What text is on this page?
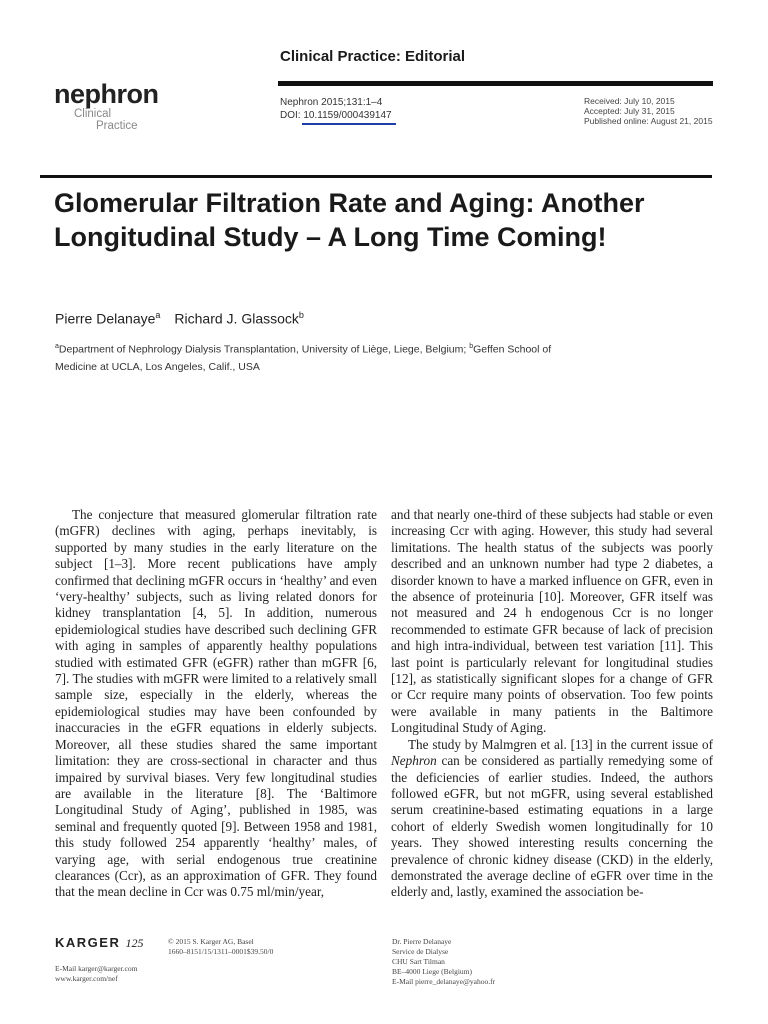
Clinical Practice: Editorial
nephron
Clinical
Practice
Nephron 2015;131:1–4
DOI: 10.1159/000439147
Received: July 10, 2015
Accepted: July 31, 2015
Published online: August 21, 2015
Glomerular Filtration Rate and Aging: Another Longitudinal Study – A Long Time Coming!
Pierre Delanaye$^a$ Richard J. Glassock$^b$
$^a$Department of Nephrology Dialysis Transplantation, University of Liège, Liege, Belgium; $^b$Geffen School of Medicine at UCLA, Los Angeles, Calif., USA

The conjecture that measured glomerular filtration rate (mGFR) declines with aging, perhaps inevitably, is supported by many studies in the early literature on the subject [1–3]. More recent publications have amply confirmed that declining mGFR occurs in ‘healthy’ and even ‘very-healthy’ subjects, such as living related donors for kidney transplantation [4, 5]. In addition, numerous epidemiological studies have described such declining GFR with aging in samples of apparently healthy populations studied with estimated GFR (eGFR) rather than mGFR [6, 7]. The studies with mGFR were limited to a relatively small sample size, especially in the elderly, whereas the epidemiological studies may have been confounded by inaccuracies in the eGFR equations in elderly subjects. Moreover, all these studies shared the same important limitation: they are cross-sectional in character and thus impaired by survival biases. Very few longitudinal studies are available in the literature [8]. The ‘Baltimore Longitudinal Study of Aging’, published in 1985, was seminal and frequently quoted [9]. Between 1958 and 1981, this study followed 254 apparently ‘healthy’ males, of varying age, with serial endogenous true creatinine clearances (Ccr), as an approximation of GFR. They found that the mean decline in Ccr was 0.75 ml/min/year,

and that nearly one-third of these subjects had stable or even increasing Ccr with aging. However, this study had several limitations. The health status of the subjects was poorly described and an unknown number had type 2 diabetes, a disorder known to have a marked influence on GFR, even in the absence of proteinuria [10]. Moreover, GFR itself was not measured and 24 h endogenous Ccr is no longer recommended to estimate GFR because of lack of precision and high intra-individual, between test variation [11]. This last point is particularly relevant for longitudinal studies [12], as statistically significant slopes for a change of GFR or Ccr require many points of observation. Too few points were available in many patients in the Baltimore Longitudinal Study of Aging.

The study by Malmgren et al. [13] in the current issue of Nephron can be considered as partially remedying some of the deficiencies of earlier studies. Indeed, the authors followed eGFR, but not mGFR, using several established serum creatinine-based estimating equations in a large cohort of elderly Swedish women longitudinally for 10 years. They showed interesting results concerning the prevalence of chronic kidney disease (CKD) in the elderly, demonstrated the average decline of eGFR over time in the elderly and, lastly, examined the association be-

KARGER 125	© 2015 S. Karger AG, Basel
1660–8151/15/1311–0001$39.50/0
E-Mail karger@karger.com
www.karger.com/nef
Dr. Pierre Delanaye
Service de Dialyse
CHU Sart Tilman
BE–4000 Liege (Belgium)
E-Mail pierre_delanaye@yahoo.fr
